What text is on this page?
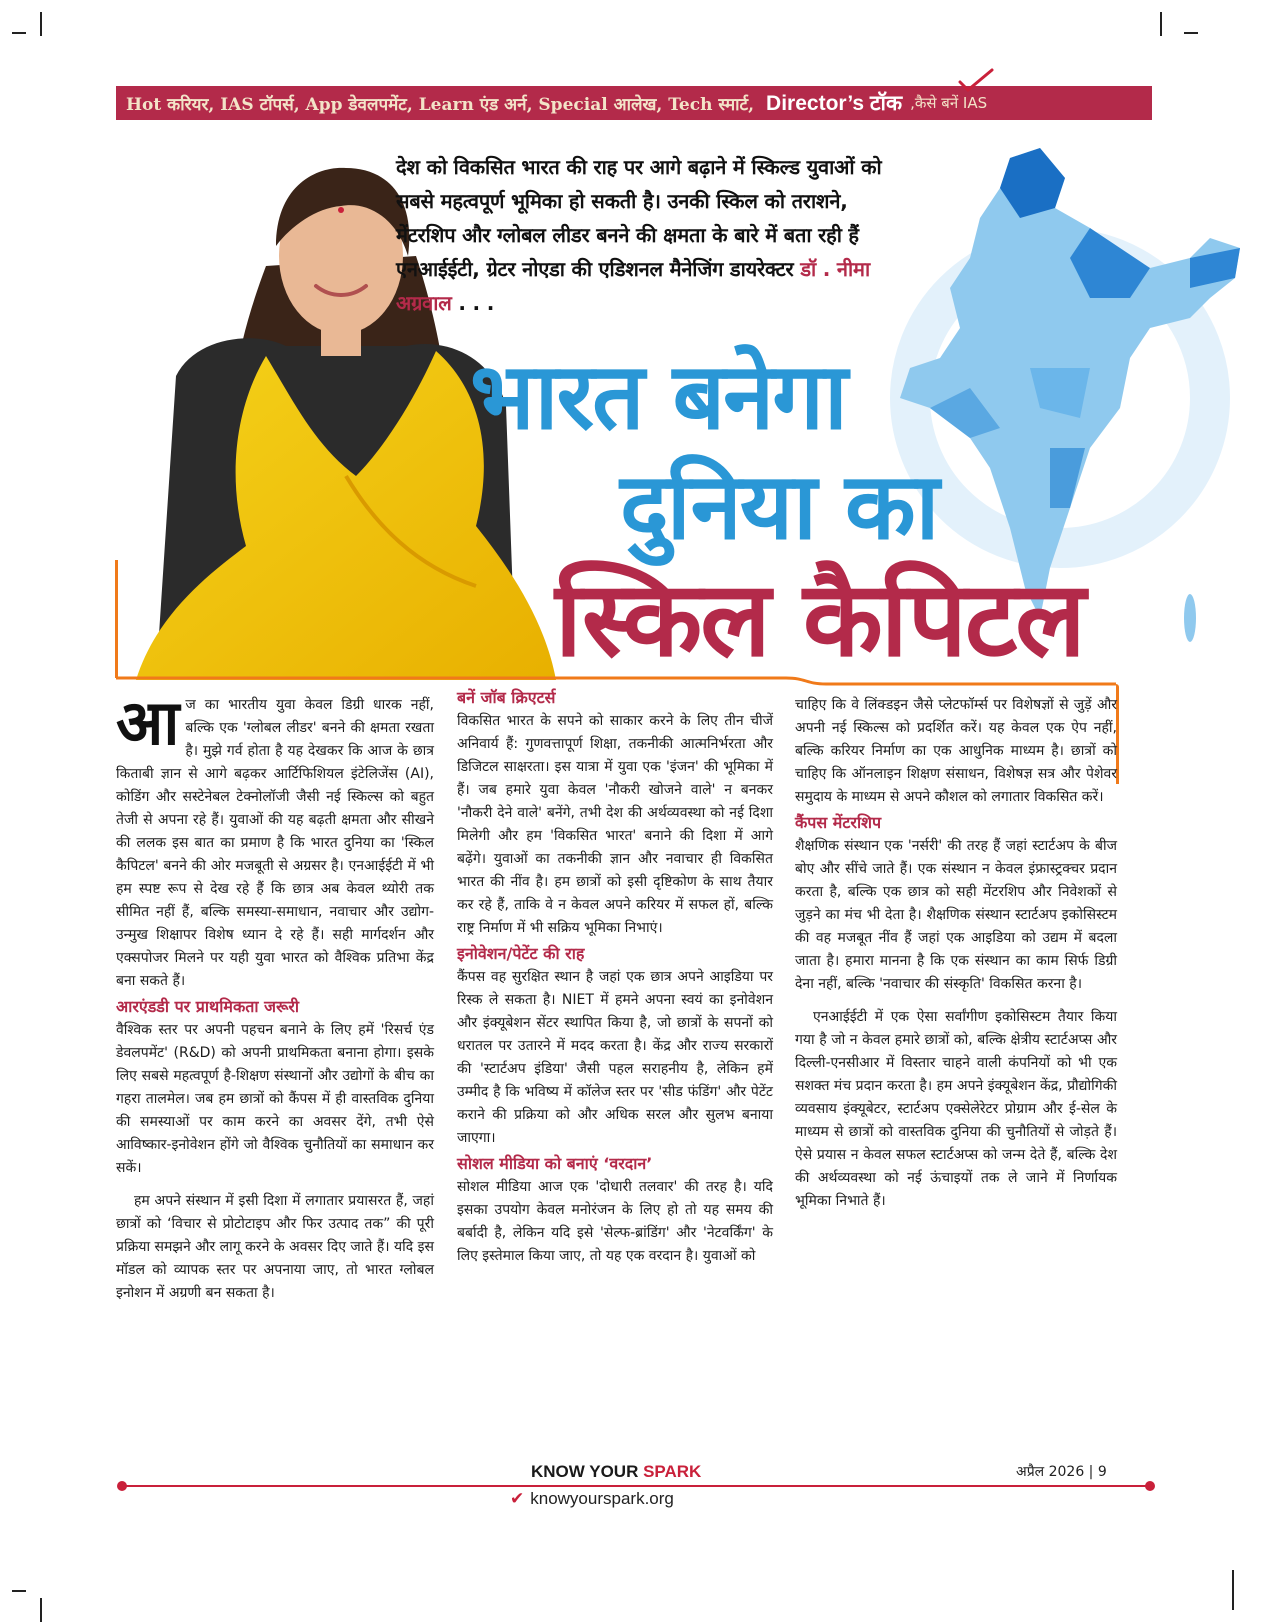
Hot करियर, IAS टॉपर्स, App डेवलपमेंट, Learn एंड अर्न, Special आलेख, Tech स्मार्ट, Director’s टॉक ,कैसे बनें IAS
देश को विकसित भारत की राह पर आगे बढ़ाने में स्किल्ड युवाओं को सबसे महत्वपूर्ण भूमिका हो सकती है। उनकी स्किल को तराशने, मेंटरशिप और ग्लोबल लीडर बनने की क्षमता के बारे में बता रही हैं एनआईईटी, ग्रेटर नोएडा की एडिशनल मैनेजिंग डायरेक्टर डॉ . नीमा अग्रवाल . . .
भारत बनेगा
दुनिया का
स्किल कैपिटल
आ ज का भारतीय युवा केवल डिग्री धारक नहीं, बल्कि एक 'ग्लोबल लीडर' बनने की क्षमता रखता है। मुझे गर्व होता है यह देखकर कि आज के छात्र किताबी ज्ञान से आगे बढ़कर आर्टिफिशियल इंटेलिजेंस (AI), कोडिंग और सस्टेनेबल टेक्नोलॉजी जैसी नई स्किल्स को बहुत तेजी से अपना रहे हैं। युवाओं की यह बढ़ती क्षमता और सीखने की ललक इस बात का प्रमाण है कि भारत दुनिया का 'स्किल कैपिटल' बनने की ओर मजबूती से अग्रसर है। एनआईईटी में भी हम स्पष्ट रूप से देख रहे हैं कि छात्र अब केवल थ्योरी तक सीमित नहीं हैं, बल्कि समस्या-समाधान, नवाचार और उद्योग-उन्मुख शिक्षापर विशेष ध्यान दे रहे हैं। सही मार्गदर्शन और एक्सपोजर मिलने पर यही युवा भारत को वैश्विक प्रतिभा केंद्र बना सकते हैं।

आरएंडडी पर प्राथमिकता जरूरी

वैश्विक स्तर पर अपनी पहचन बनाने के लिए हमें 'रिसर्च एंड डेवलपमेंट' (R&D) को अपनी प्राथमिकता बनाना होगा। इसके लिए सबसे महत्वपूर्ण है-शिक्षण संस्थानों और उद्योगों के बीच का गहरा तालमेल। जब हम छात्रों को कैंपस में ही वास्तविक दुनिया की समस्याओं पर काम करने का अवसर देंगे, तभी ऐसे आविष्कार-इनोवेशन होंगे जो वैश्विक चुनौतियों का समाधान कर सकें।

हम अपने संस्थान में इसी दिशा में लगातार प्रयासरत हैं, जहां छात्रों को ‘विचार से प्रोटोटाइप और फिर उत्पाद तक” की पूरी प्रक्रिया समझने और लागू करने के अवसर दिए जाते हैं। यदि इस मॉडल को व्यापक स्तर पर अपनाया जाए, तो भारत ग्लोबल इनोशन में अग्रणी बन सकता है।

बनें जॉब क्रिएटर्स

विकसित भारत के सपने को साकार करने के लिए तीन चीजें अनिवार्य हैं: गुणवत्तापूर्ण शिक्षा, तकनीकी आत्मनिर्भरता और डिजिटल साक्षरता। इस यात्रा में युवा एक 'इंजन' की भूमिका में हैं। जब हमारे युवा केवल 'नौकरी खोजने वाले' न बनकर 'नौकरी देने वाले' बनेंगे, तभी देश की अर्थव्यवस्था को नई दिशा मिलेगी और हम 'विकसित भारत' बनाने की दिशा में आगे बढ़ेंगे। युवाओं का तकनीकी ज्ञान और नवाचार ही विकसित भारत की नींव है। हम छात्रों को इसी दृष्टिकोण के साथ तैयार कर रहे हैं, ताकि वे न केवल अपने करियर में सफल हों, बल्कि राष्ट्र निर्माण में भी सक्रिय भूमिका निभाएं।

इनोवेशन/पेटेंट की राह

कैंपस वह सुरक्षित स्थान है जहां एक छात्र अपने आइडिया पर रिस्क ले सकता है। NIET में हमने अपना स्वयं का इनोवेशन और इंक्यूबेशन सेंटर स्थापित किया है, जो छात्रों के सपनों को धरातल पर उतारने में मदद करता है। केंद्र और राज्य सरकारों की 'स्टार्टअप इंडिया' जैसी पहल सराहनीय है, लेकिन हमें उम्मीद है कि भविष्य में कॉलेज स्तर पर 'सीड फंडिंग' और पेटेंट कराने की प्रक्रिया को और अधिक सरल और सुलभ बनाया जाएगा।

सोशल मीडिया को बनाएं ‘वरदान’

सोशल मीडिया आज एक 'दोधारी तलवार' की तरह है। यदि इसका उपयोग केवल मनोरंजन के लिए हो तो यह समय की बर्बादी है, लेकिन यदि इसे 'सेल्फ-ब्रांडिंग' और 'नेटवर्किंग' के लिए इस्तेमाल किया जाए, तो यह एक वरदान है। युवाओं को

चाहिए कि वे लिंक्डइन जैसे प्लेटफॉर्म्स पर विशेषज्ञों से जुड़ें और अपनी नई स्किल्स को प्रदर्शित करें। यह केवल एक ऐप नहीं, बल्कि करियर निर्माण का एक आधुनिक माध्यम है। छात्रों को चाहिए कि ऑनलाइन शिक्षण संसाधन, विशेषज्ञ सत्र और पेशेवर समुदाय के माध्यम से अपने कौशल को लगातार विकसित करें।

कैंपस मेंटरशिप

शैक्षणिक संस्थान एक 'नर्सरी' की तरह हैं जहां स्टार्टअप के बीज बोए और सींचे जाते हैं। एक संस्थान न केवल इंफ्रास्ट्रक्चर प्रदान करता है, बल्कि एक छात्र को सही मेंटरशिप और निवेशकों से जुड़ने का मंच भी देता है। शैक्षणिक संस्थान स्टार्टअप इकोसिस्टम की वह मजबूत नींव हैं जहां एक आइडिया को उद्यम में बदला जाता है। हमारा मानना है कि एक संस्थान का काम सिर्फ डिग्री देना नहीं, बल्कि 'नवाचार की संस्कृति' विकसित करना है।

एनआईईटी में एक ऐसा सर्वांगीण इकोसिस्टम तैयार किया गया है जो न केवल हमारे छात्रों को, बल्कि क्षेत्रीय स्टार्टअप्स और दिल्ली-एनसीआर में विस्तार चाहने वाली कंपनियों को भी एक सशक्त मंच प्रदान करता है। हम अपने इंक्यूबेशन केंद्र, प्रौद्योगिकी व्यवसाय इंक्यूबेटर, स्टार्टअप एक्सेलेरेटर प्रोग्राम और ई-सेल के माध्यम से छात्रों को वास्तविक दुनिया की चुनौतियों से जोड़ते हैं। ऐसे प्रयास न केवल सफल स्टार्टअप्स को जन्म देते हैं, बल्कि देश की अर्थव्यवस्था को नई ऊंचाइयों तक ले जाने में निर्णायक भूमिका निभाते हैं।

KNOW YOUR SPARK
✔ knowyourspark.org
अप्रैल 2026 | 9
